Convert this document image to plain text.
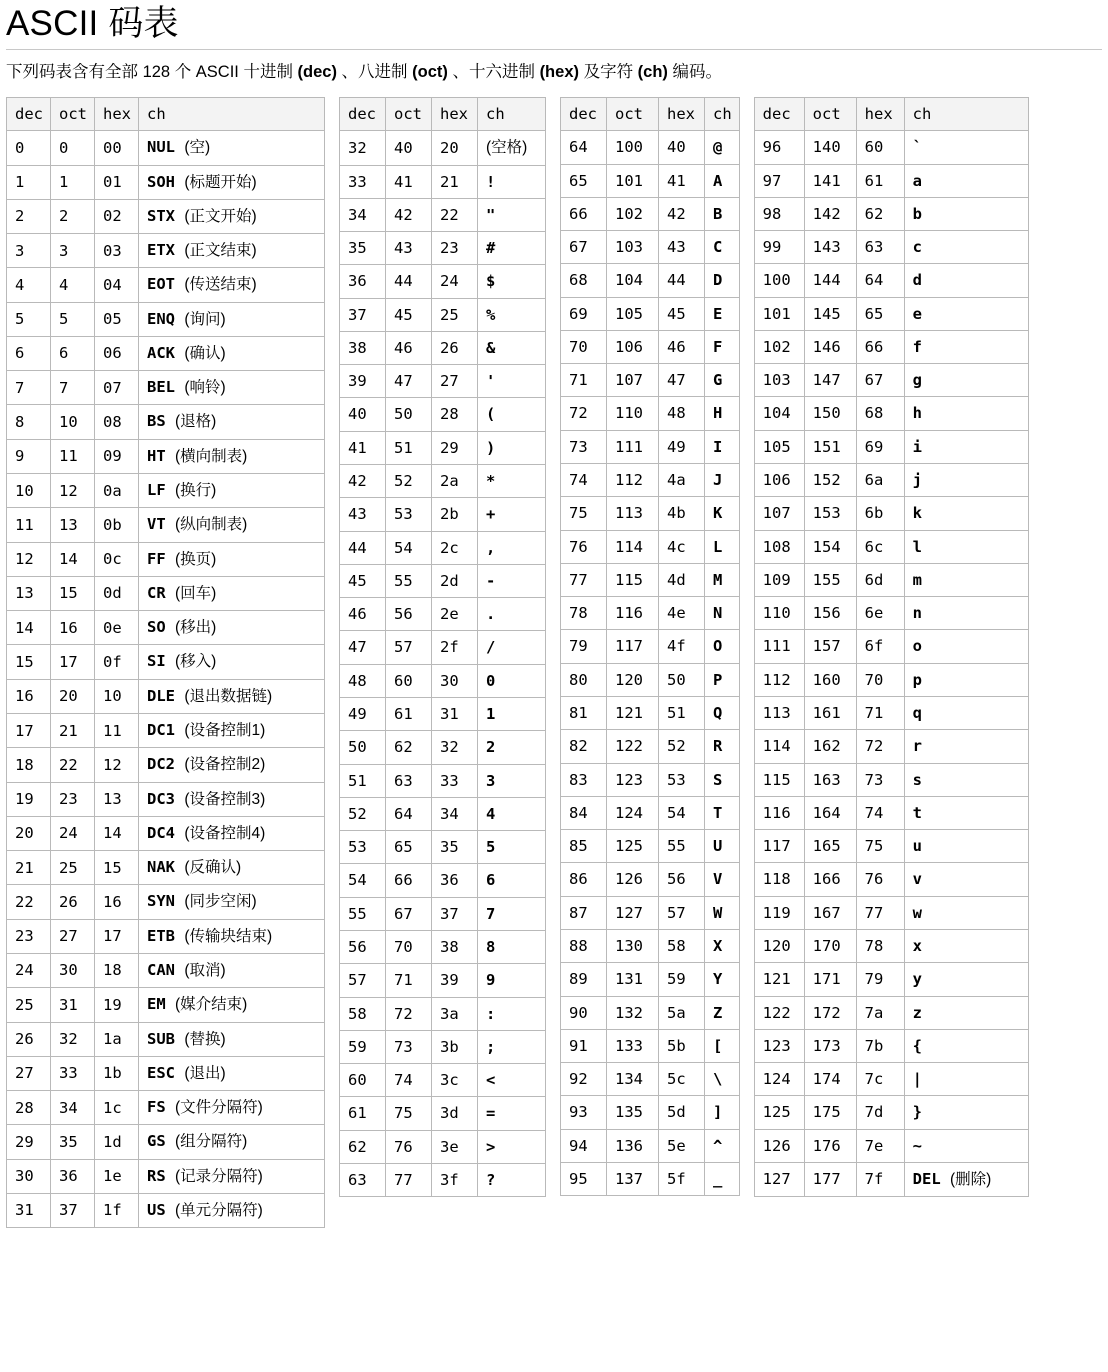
ASCII 码表

下列码表含有全部 128 个 ASCII 十进制 (dec) 、八进制 (oct) 、十六进制 (hex) 及字符 (ch) 编码。

dec	oct	hex	ch
0	0	00	NUL (空)
1	1	01	SOH (标题开始)
2	2	02	STX (正文开始)
3	3	03	ETX (正文结束)
4	4	04	EOT (传送结束)
5	5	05	ENQ (询问)
6	6	06	ACK (确认)
7	7	07	BEL (响铃)
8	10	08	BS (退格)
9	11	09	HT (横向制表)
10	12	0a	LF (换行)
11	13	0b	VT (纵向制表)
12	14	0c	FF (换页)
13	15	0d	CR (回车)
14	16	0e	SO (移出)
15	17	0f	SI (移入)
16	20	10	DLE (退出数据链)
17	21	11	DC1 (设备控制1)
18	22	12	DC2 (设备控制2)
19	23	13	DC3 (设备控制3)
20	24	14	DC4 (设备控制4)
21	25	15	NAK (反确认)
22	26	16	SYN (同步空闲)
23	27	17	ETB (传输块结束)
24	30	18	CAN (取消)
25	31	19	EM (媒介结束)
26	32	1a	SUB (替换)
27	33	1b	ESC (退出)
28	34	1c	FS (文件分隔符)
29	35	1d	GS (组分隔符)
30	36	1e	RS (记录分隔符)
31	37	1f	US (单元分隔符)
dec	oct	hex	ch
32	40	20	(空格)
33	41	21	!
34	42	22	"
35	43	23	#
36	44	24	$
37	45	25	%
38	46	26	&
39	47	27	'
40	50	28	(
41	51	29	)
42	52	2a	*
43	53	2b	+
44	54	2c	,
45	55	2d	-
46	56	2e	.
47	57	2f	/
48	60	30	0
49	61	31	1
50	62	32	2
51	63	33	3
52	64	34	4
53	65	35	5
54	66	36	6
55	67	37	7
56	70	38	8
57	71	39	9
58	72	3a	:
59	73	3b	;
60	74	3c	<
61	75	3d	=
62	76	3e	>
63	77	3f	?
dec	oct	hex	ch
64	100	40	@
65	101	41	A
66	102	42	B
67	103	43	C
68	104	44	D
69	105	45	E
70	106	46	F
71	107	47	G
72	110	48	H
73	111	49	I
74	112	4a	J
75	113	4b	K
76	114	4c	L
77	115	4d	M
78	116	4e	N
79	117	4f	O
80	120	50	P
81	121	51	Q
82	122	52	R
83	123	53	S
84	124	54	T
85	125	55	U
86	126	56	V
87	127	57	W
88	130	58	X
89	131	59	Y
90	132	5a	Z
91	133	5b	[
92	134	5c	\
93	135	5d	]
94	136	5e	^
95	137	5f	_
dec	oct	hex	ch
96	140	60	`
97	141	61	a
98	142	62	b
99	143	63	c
100	144	64	d
101	145	65	e
102	146	66	f
103	147	67	g
104	150	68	h
105	151	69	i
106	152	6a	j
107	153	6b	k
108	154	6c	l
109	155	6d	m
110	156	6e	n
111	157	6f	o
112	160	70	p
113	161	71	q
114	162	72	r
115	163	73	s
116	164	74	t
117	165	75	u
118	166	76	v
119	167	77	w
120	170	78	x
121	171	79	y
122	172	7a	z
123	173	7b	{
124	174	7c	|
125	175	7d	}
126	176	7e	~
127	177	7f	DEL (删除)
